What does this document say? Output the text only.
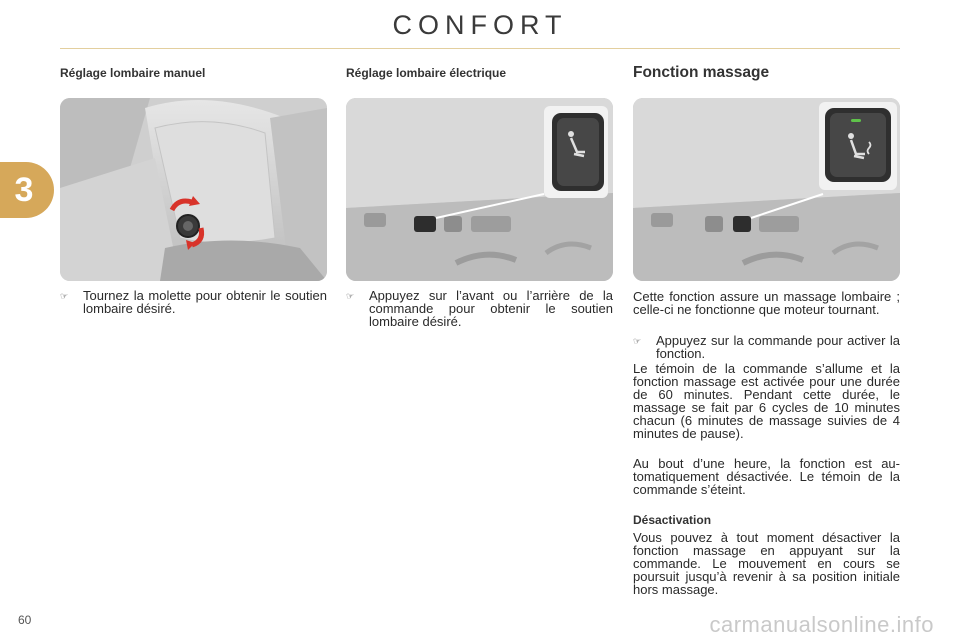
CONFORT
3
Réglage lombaire manuel
☞ Tournez la molette pour obtenir le soutien lombaire désiré.
Réglage lombaire électrique
☞ Appuyez sur l’avant ou l’arrière de la commande pour obtenir le soutien lombaire désiré.
Fonction massage
Cette fonction assure un massage lombaire ; celle-ci ne fonctionne que moteur tournant.
☞ Appuyez sur la commande pour activer la fonction.
Le témoin de la commande s’allume et la fonction massage est activée pour une durée de 60 minutes. Pendant cette durée, le massage se fait par 6 cycles de 10 minutes chacun (6 minutes de massage suivies de 4 minutes de pause).
Au bout d’une heure, la fonction est automatiquement désactivée. Le témoin de la commande s’éteint.
Désactivation
Vous pouvez à tout moment désactiver la fonction massage en appuyant sur la commande. Le mouvement en cours se poursuit jusqu’à revenir à sa position initiale hors massage.
60	carmanualsonline.info
